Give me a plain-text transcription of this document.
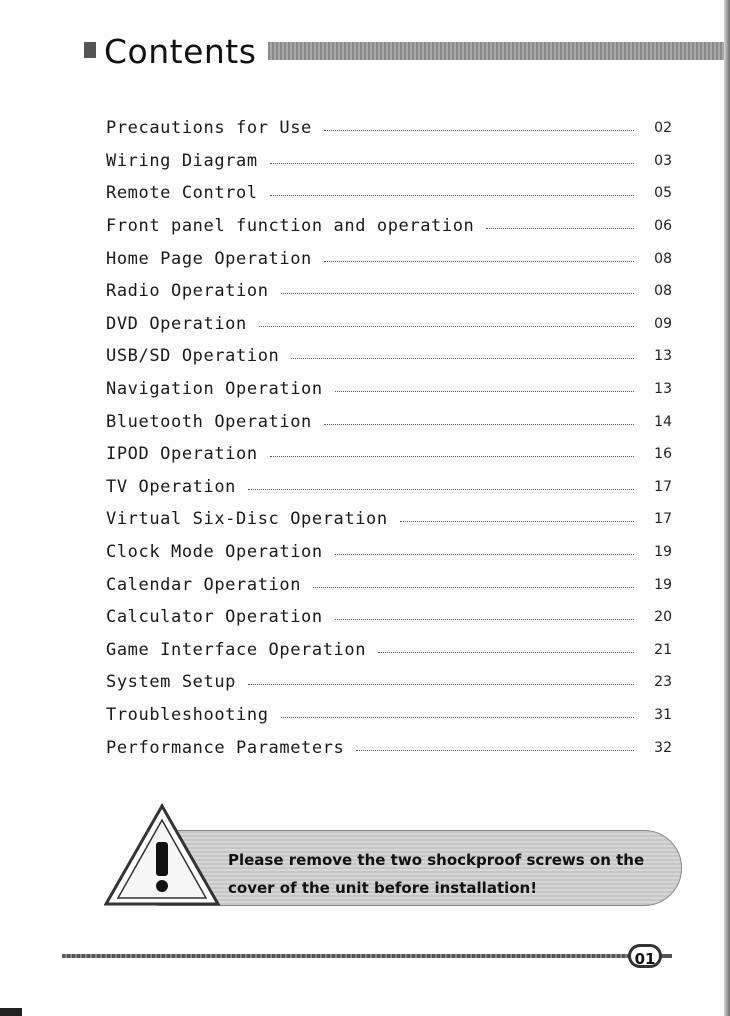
Contents
Precautions for Use	02
Wiring Diagram	03
Remote Control	05
Front panel function and operation	06
Home Page Operation	08
Radio Operation	08
DVD Operation	09
USB/SD Operation	13
Navigation Operation	13
Bluetooth Operation	14
IPOD Operation	16
TV Operation	17
Virtual Six-Disc Operation	17
Clock Mode Operation	19
Calendar Operation	19
Calculator Operation	20
Game Interface Operation	21
System Setup	23
Troubleshooting	31
Performance Parameters	32
Please remove the two shockproof screws on the
cover of the unit before installation!
01
